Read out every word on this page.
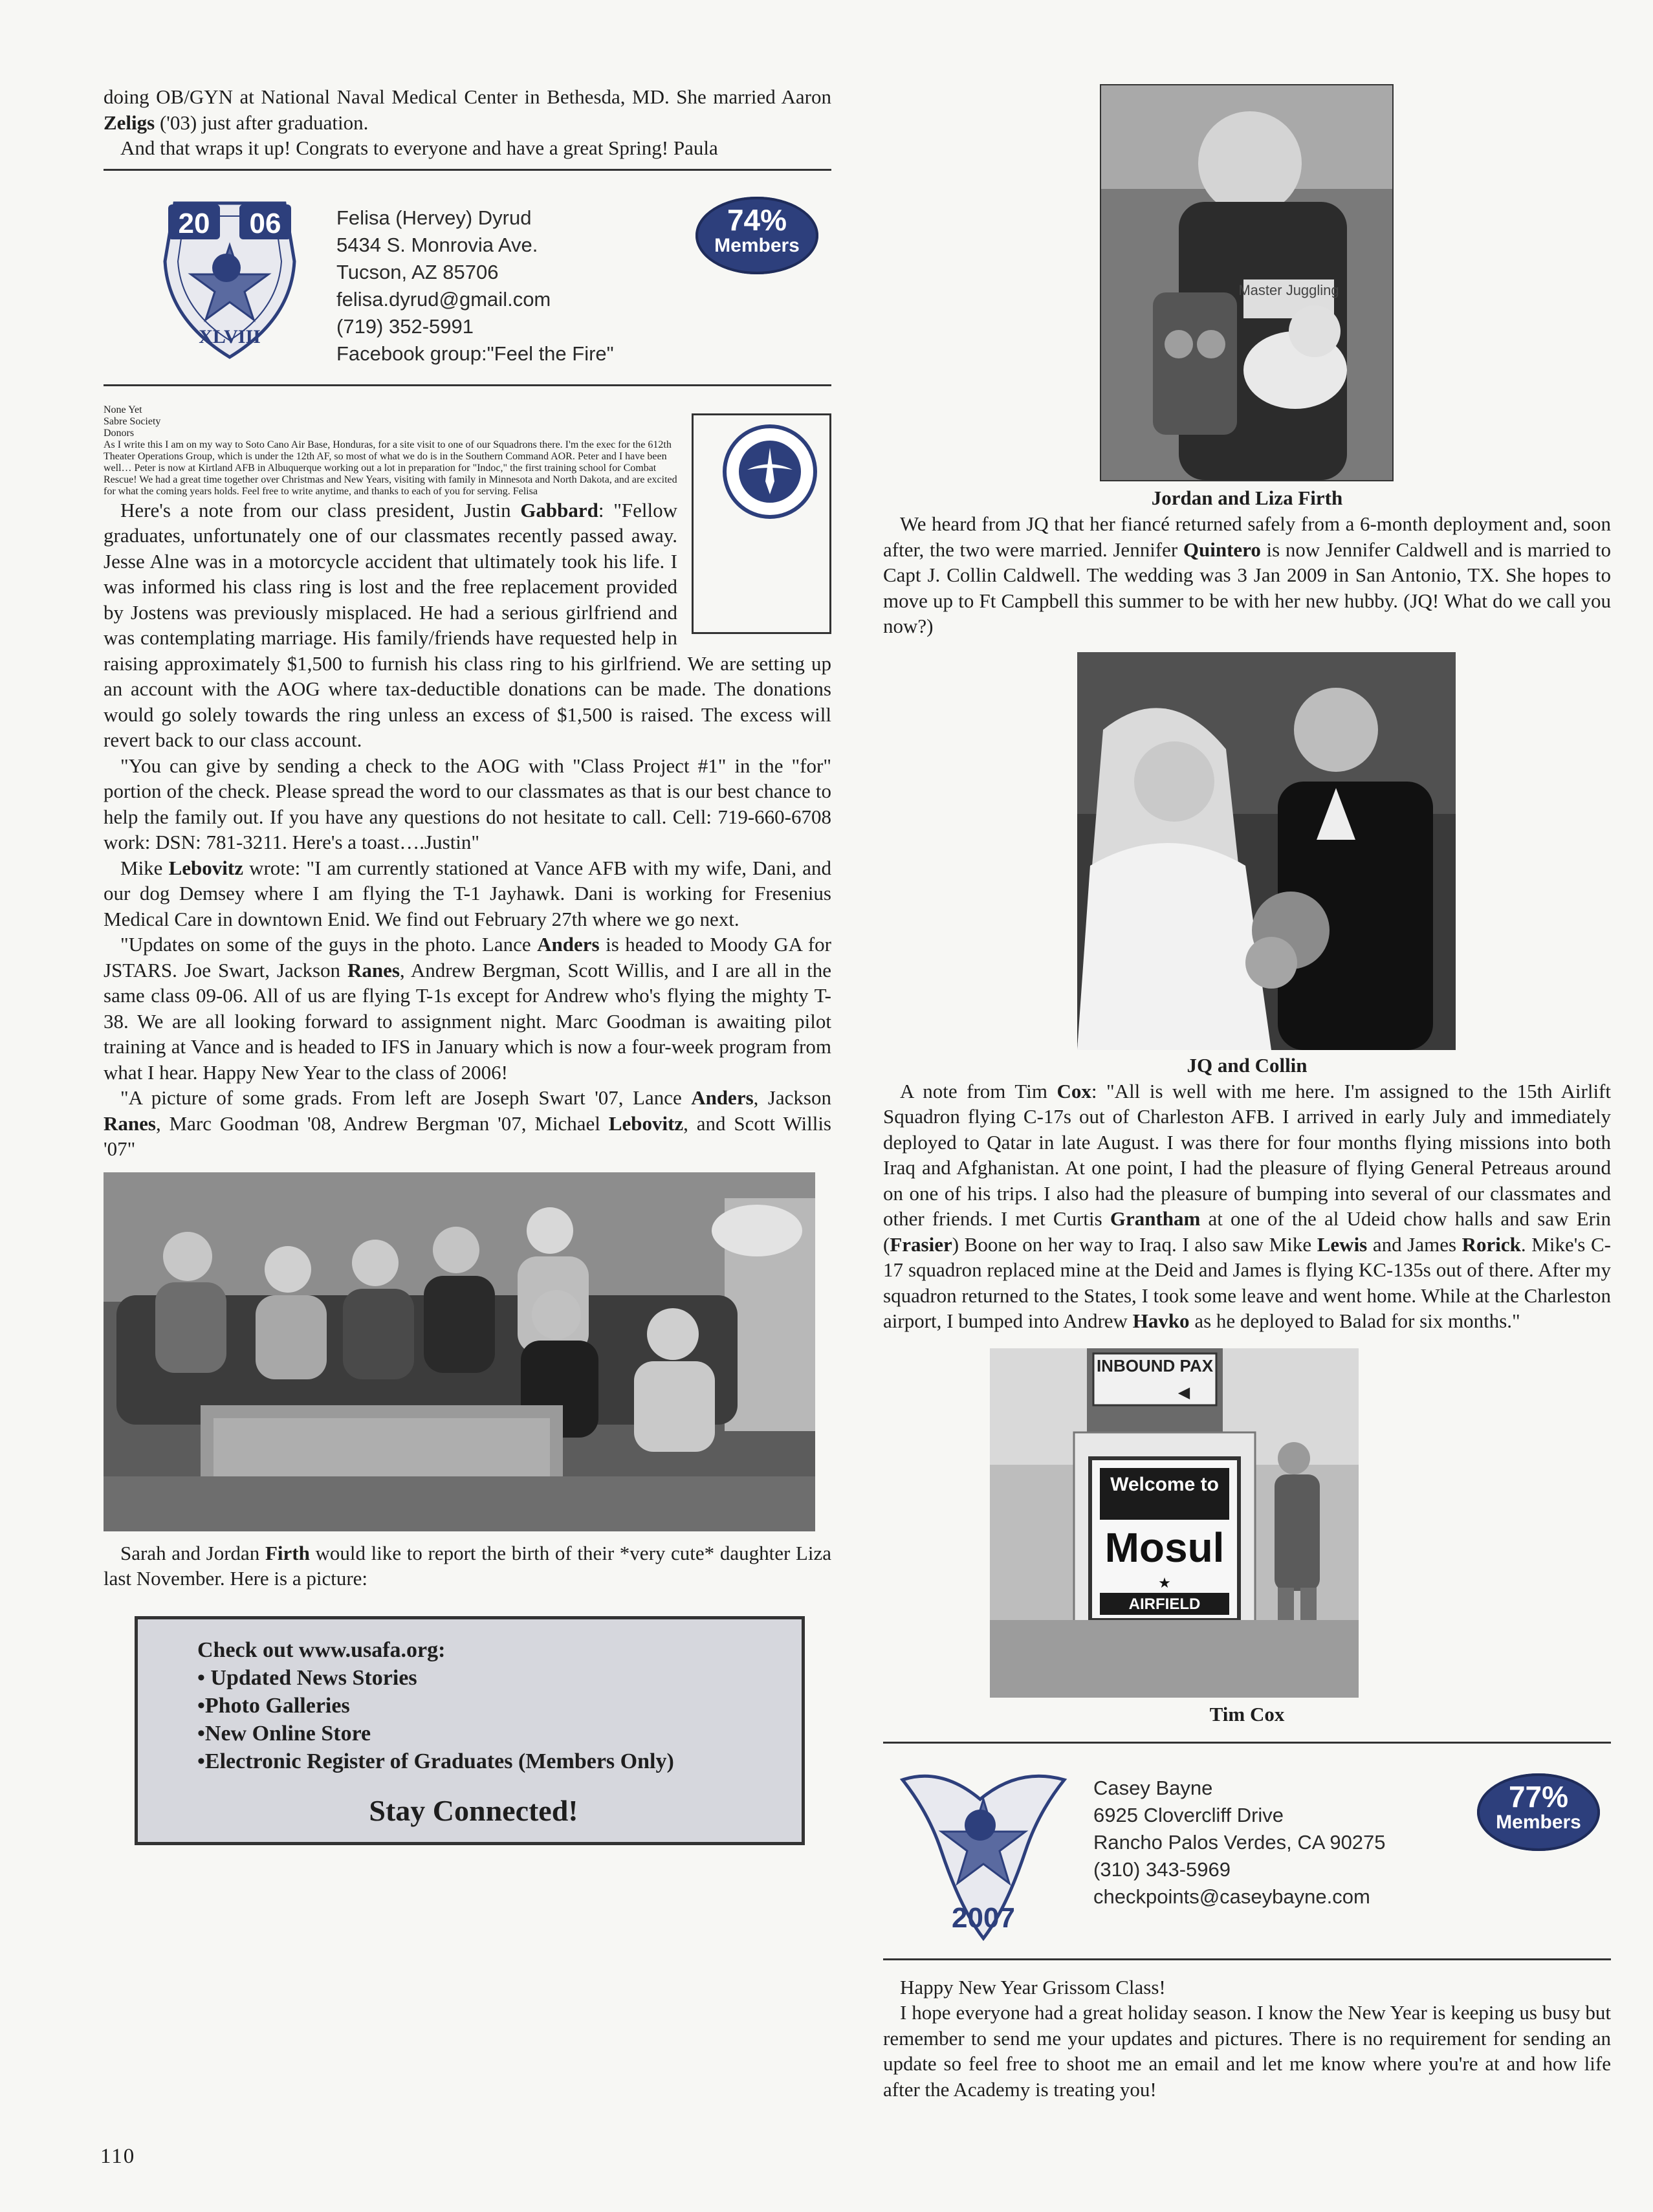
doing OB/GYN at National Naval Medical Center in Bethesda, MD. She married Aaron Zeligs ('03) just after graduation.

And that wraps it up! Congrats to everyone and have a great Spring! Paula

20 06
XLVIII
Felisa (Hervey) Dyrud
5434 S. Monrovia Ave.
Tucson, AZ 85706
felisa.dyrud@gmail.com
(719) 352-5991
Facebook group:"Feel the Fire"
74%
Members

None Yet
Sabre Society
Donors
As I write this I am on my way to Soto Cano Air Base, Honduras, for a site visit to one of our Squadrons there. I'm the exec for the 612th Theater Operations Group, which is under the 12th AF, so most of what we do is in the Southern Command AOR. Peter and I have been well… Peter is now at Kirtland AFB in Albuquerque working out a lot in preparation for "Indoc," the first training school for Combat Rescue! We had a great time together over Christmas and New Years, visiting with family in Minnesota and North Dakota, and are excited for what the coming years holds. Feel free to write anytime, and thanks to each of you for serving. Felisa

Here's a note from our class president, Justin Gabbard: "Fellow graduates, unfortunately one of our classmates recently passed away. Jesse Alne was in a motorcycle accident that ultimately took his life. I was informed his class ring is lost and the free replacement provided by Jostens was previously misplaced. He had a serious girlfriend and was contemplating marriage. His family/friends have requested help in raising approximately $1,500 to furnish his class ring to his girlfriend. We are setting up an account with the AOG where tax-deductible donations can be made. The donations would go solely towards the ring unless an excess of $1,500 is raised. The excess will revert back to our class account.

"You can give by sending a check to the AOG with "Class Project #1" in the "for" portion of the check. Please spread the word to our classmates as that is our best chance to help the family out. If you have any questions do not hesitate to call. Cell: 719-660-6708 work: DSN: 781-3211. Here's a toast….Justin"

Mike Lebovitz wrote: "I am currently stationed at Vance AFB with my wife, Dani, and our dog Demsey where I am flying the T-1 Jayhawk. Dani is working for Fresenius Medical Care in downtown Enid. We find out February 27th where we go next.

"Updates on some of the guys in the photo. Lance Anders is headed to Moody GA for JSTARS. Joe Swart, Jackson Ranes, Andrew Bergman, Scott Willis, and I are all in the same class 09-06. All of us are flying T-1s except for Andrew who's flying the mighty T-38. We are all looking forward to assignment night. Marc Goodman is awaiting pilot training at Vance and is headed to IFS in January which is now a four-week program from what I hear. Happy New Year to the class of 2006!

"A picture of some grads. From left are Joseph Swart '07, Lance Anders, Jackson Ranes, Marc Goodman '08, Andrew Bergman '07, Michael Lebovitz, and Scott Willis '07"

Sarah and Jordan Firth would like to report the birth of their *very cute* daughter Liza last November. Here is a picture:

Check out www.usafa.org:
• Updated News Stories
•Photo Galleries
•New Online Store
•Electronic Register of Graduates (Members Only)
Stay Connected!
Master Juggling
Jordan and Liza Firth

We heard from JQ that her fiancé returned safely from a 6-month deployment and, soon after, the two were married. Jennifer Quintero is now Jennifer Caldwell and is married to Capt J. Collin Caldwell. The wedding was 3 Jan 2009 in San Antonio, TX. She hopes to move up to Ft Campbell this summer to be with her new hubby. (JQ! What do we call you now?)

JQ and Collin

A note from Tim Cox: "All is well with me here. I'm assigned to the 15th Airlift Squadron flying C-17s out of Charleston AFB. I arrived in early July and immediately deployed to Qatar in late August. I was there for four months flying missions into both Iraq and Afghanistan. At one point, I had the pleasure of flying General Petreaus around on one of his trips. I also had the pleasure of bumping into several of our classmates and other friends. I met Curtis Grantham at one of the al Udeid chow halls and saw Erin (Frasier) Boone on her way to Iraq. I also saw Mike Lewis and James Rorick. Mike's C-17 squadron replaced mine at the Deid and James is flying KC-135s out of there. After my squadron returned to the States, I took some leave and went home. While at the Charleston airport, I bumped into Andrew Havko as he deployed to Balad for six months."

INBOUND PAX
◀
Welcome to
Mosul
★
AIRFIELD
Tim Cox
2007
Casey Bayne
6925 Clovercliff Drive
Rancho Palos Verdes, CA 90275
(310) 343-5969
checkpoints@caseybayne.com
77%
Members

Happy New Year Grissom Class!

I hope everyone had a great holiday season. I know the New Year is keeping us busy but remember to send me your updates and pictures. There is no requirement for sending an update so feel free to shoot me an email and let me know where you're at and how life after the Academy is treating you!

110
